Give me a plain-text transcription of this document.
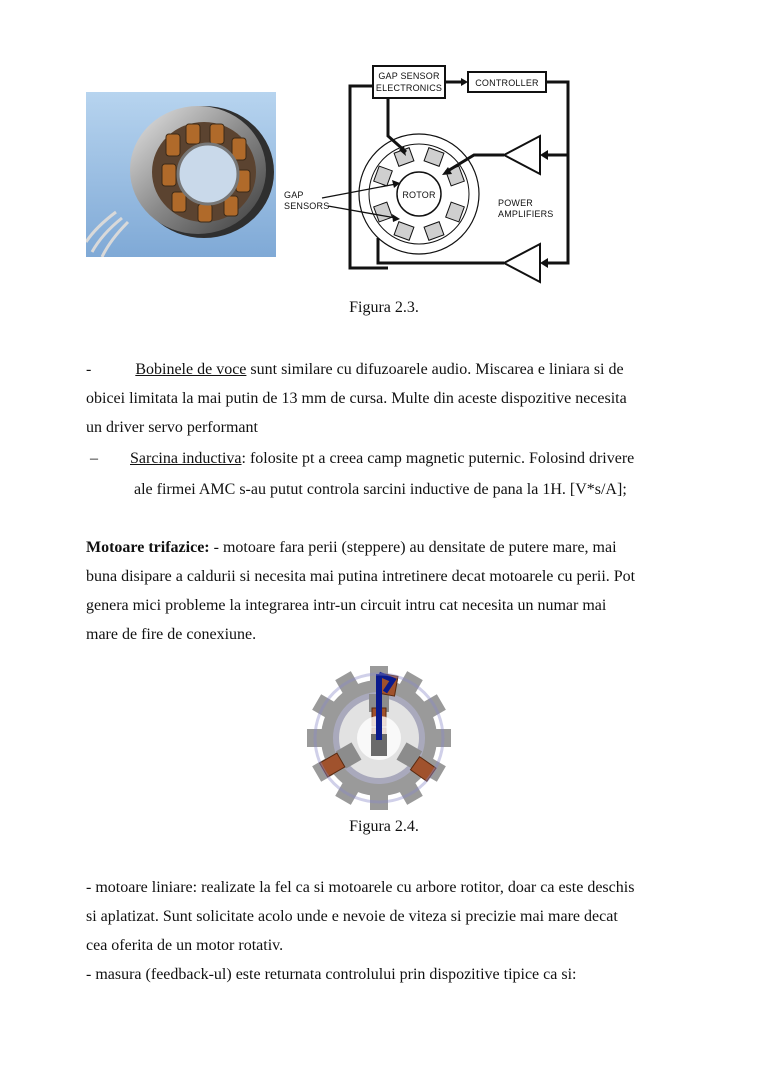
GAP SENSOR
ELECTRONICS	CONTROLLER
ROTOR
GAP
SENSORS	POWER
AMPLIFIERS
Figura 2.3.

-	Bobinele de voce sunt similare cu difuzoarele audio. Miscarea e liniara si de

obicei limitata la mai putin de 13 mm de cursa. Multe din aceste dispozitive necesita

un driver servo performant

– Sarcina inductiva: folosite pt a creea camp magnetic puternic. Folosind drivere

ale firmei AMC s-au putut controla sarcini inductive de pana la 1H. [V*s/A];

Motoare trifazice: - motoare fara perii (steppere) au densitate de putere mare, mai

buna disipare a caldurii si necesita mai putina intretinere decat motoarele cu perii. Pot

genera mici probleme la integrarea intr-un circuit intru cat necesita un numar mai

mare de fire de conexiune.

Figura 2.4.

- motoare liniare: realizate la fel ca si motoarele cu arbore rotitor, doar ca este deschis

si aplatizat. Sunt solicitate acolo unde e nevoie de viteza si precizie mai mare decat

cea oferita de un motor rotativ.

- masura (feedback-ul) este returnata controlului prin dispozitive tipice ca si:
